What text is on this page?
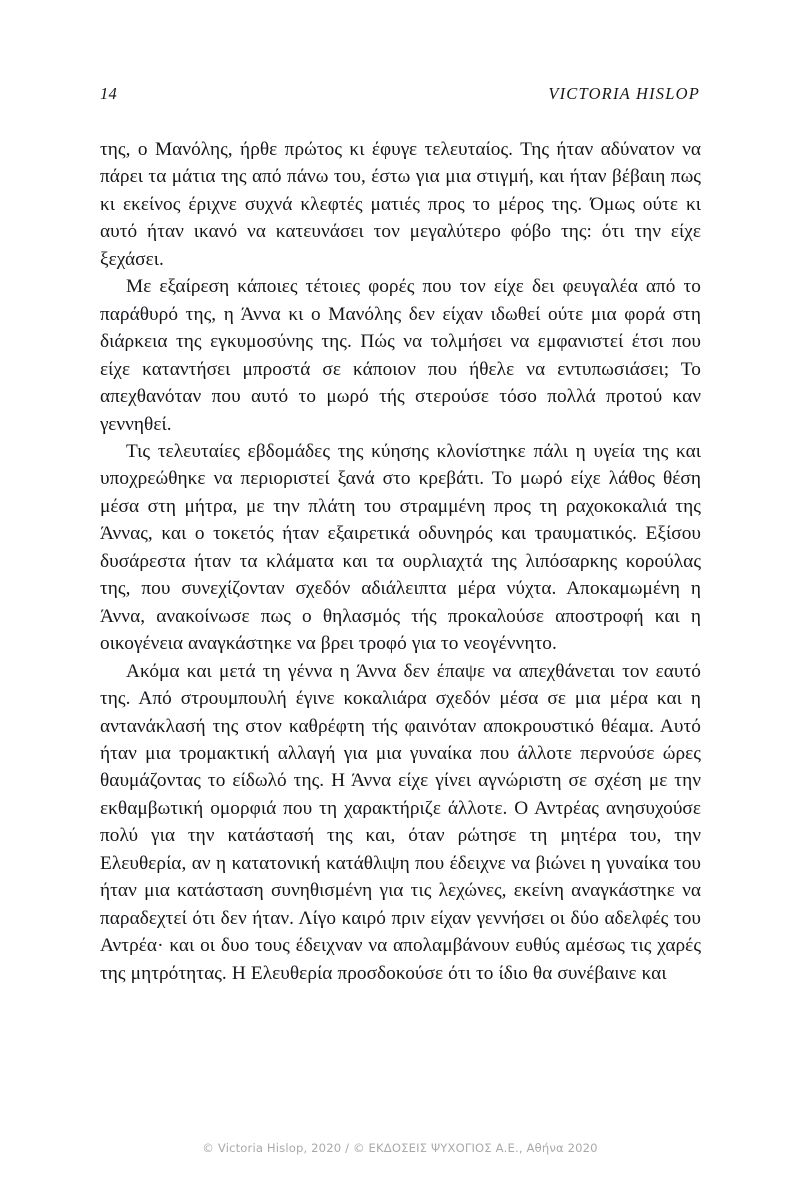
14	VICTORIA HISLOP

της, ο Μανόλης, ήρθε πρώτος κι έφυγε τελευταίος. Της ήταν αδύνατον να πάρει τα μάτια της από πάνω του, έστω για μια στιγμή, και ήταν βέβαιη πως κι εκείνος έριχνε συχνά κλεφτές ματιές προς το μέρος της. Όμως ούτε κι αυτό ήταν ικανό να κατευνάσει τον μεγαλύτερο φόβο της: ότι την είχε ξεχάσει.

Με εξαίρεση κάποιες τέτοιες φορές που τον είχε δει φευγαλέα από το παράθυρό της, η Άννα κι ο Μανόλης δεν είχαν ιδωθεί ούτε μια φορά στη διάρκεια της εγκυμοσύνης της. Πώς να τολμήσει να εμφανιστεί έτσι που είχε καταντήσει μπροστά σε κάποιον που ήθελε να εντυπωσιάσει; Το απεχθανόταν που αυτό το μωρό τής στερούσε τόσο πολλά προτού καν γεννηθεί.

Τις τελευταίες εβδομάδες της κύησης κλονίστηκε πάλι η υγεία της και υποχρεώθηκε να περιοριστεί ξανά στο κρεβάτι. Το μωρό είχε λάθος θέση μέσα στη μήτρα, με την πλάτη του στραμμένη προς τη ραχοκοκαλιά της Άννας, και ο τοκετός ήταν εξαιρετικά οδυνηρός και τραυματικός. Εξίσου δυσάρεστα ήταν τα κλάματα και τα ουρλιαχτά της λιπόσαρκης κορούλας της, που συνεχίζονταν σχεδόν αδιάλειπτα μέρα νύχτα. Αποκαμωμένη η Άννα, ανακοίνωσε πως ο θηλασμός τής προκαλούσε αποστροφή και η οικογένεια αναγκάστηκε να βρει τροφό για το νεογέννητο.

Ακόμα και μετά τη γέννα η Άννα δεν έπαψε να απεχθάνεται τον εαυτό της. Από στρουμπουλή έγινε κοκαλιάρα σχεδόν μέσα σε μια μέρα και η αντανάκλασή της στον καθρέφτη τής φαινόταν αποκρουστικό θέαμα. Αυτό ήταν μια τρομακτική αλλαγή για μια γυναίκα που άλλοτε περνούσε ώρες θαυμάζοντας το είδωλό της. Η Άννα είχε γίνει αγνώριστη σε σχέση με την εκθαμβωτική ομορφιά που τη χαρακτήριζε άλλοτε. Ο Αντρέας ανησυχούσε πολύ για την κατάστασή της και, όταν ρώτησε τη μητέρα του, την Ελευθερία, αν η κατατονική κατάθλιψη που έδειχνε να βιώνει η γυναίκα του ήταν μια κατάσταση συνηθισμένη για τις λεχώνες, εκείνη αναγκάστηκε να παραδεχτεί ότι δεν ήταν. Λίγο καιρό πριν είχαν γεννήσει οι δύο αδελφές του Αντρέα· και οι δυο τους έδειχναν να απολαμβάνουν ευθύς αμέσως τις χαρές της μητρότητας. Η Ελευθερία προσδοκούσε ότι το ίδιο θα συνέβαινε και

© Victoria Hislop, 2020 / © ΕΚΔΟΣΕΙΣ ΨΥΧΟΓΙΟΣ Α.Ε., Αθήνα 2020
